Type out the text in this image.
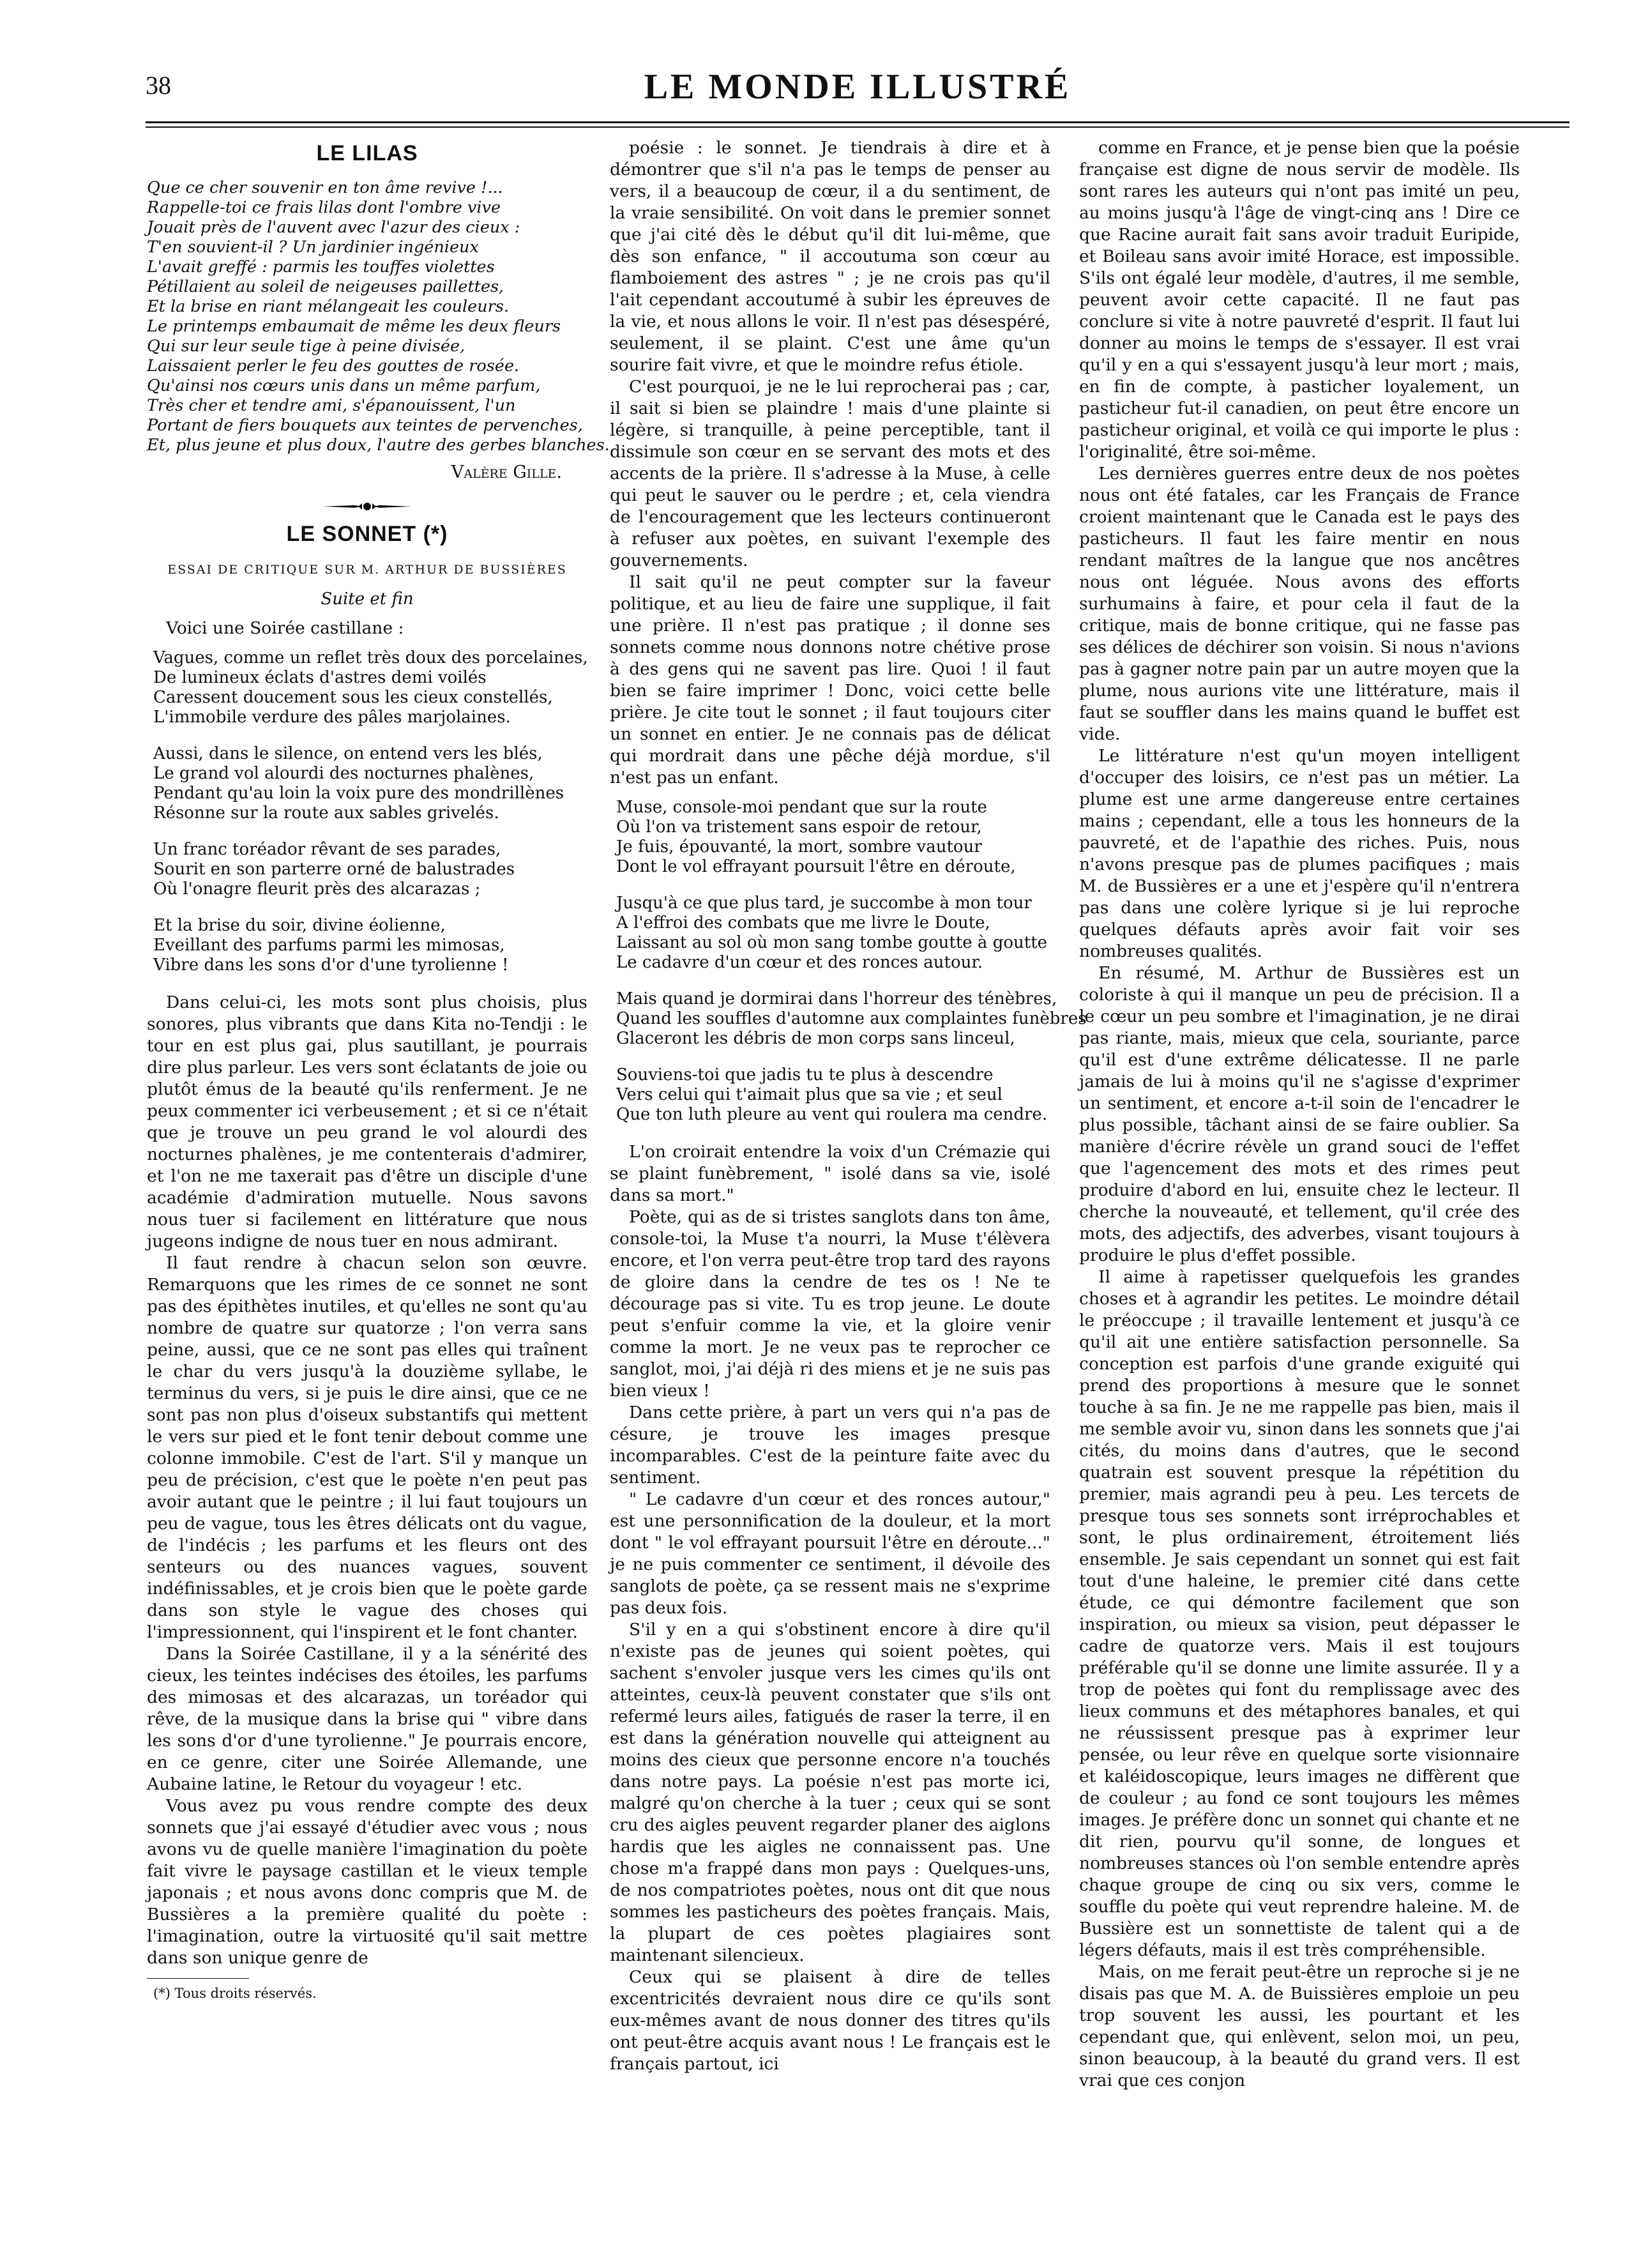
38	LE MONDE ILLUSTRÉ
LE LILAS
Que ce cher souvenir en ton âme revive !...
Rappelle-toi ce frais lilas dont l'ombre vive
Jouait près de l'auvent avec l'azur des cieux :
T'en souvient-il ? Un jardinier ingénieux
L'avait greffé : parmis les touffes violettes
Pétillaient au soleil de neigeuses paillettes,
Et la brise en riant mélangeait les couleurs.
Le printemps embaumait de même les deux fleurs
Qui sur leur seule tige à peine divisée,
Laissaient perler le feu des gouttes de rosée.
Qu'ainsi nos cœurs unis dans un même parfum,
Très cher et tendre ami, s'épanouissent, l'un
Portant de fiers bouquets aux teintes de pervenches,
Et, plus jeune et plus doux, l'autre des gerbes blanches.
Valère Gille.
LE SONNET (*)
ESSAI DE CRITIQUE SUR M. ARTHUR DE BUSSIÈRES
Suite et fin

Voici une Soirée castillane :

Vagues, comme un reflet très doux des porcelaines,
De lumineux éclats d'astres demi voilés
Caressent doucement sous les cieux constellés,
L'immobile verdure des pâles marjolaines.
Aussi, dans le silence, on entend vers les blés,
Le grand vol alourdi des nocturnes phalènes,
Pendant qu'au loin la voix pure des mondrillènes
Résonne sur la route aux sables grivelés.
Un franc toréador rêvant de ses parades,
Sourit en son parterre orné de balustrades
Où l'onagre fleurit près des alcarazas ;
Et la brise du soir, divine éolienne,
Eveillant des parfums parmi les mimosas,
Vibre dans les sons d'or d'une tyrolienne !

Dans celui-ci, les mots sont plus choisis, plus sonores, plus vibrants que dans Kita no-Tendji : le tour en est plus gai, plus sautillant, je pourrais dire plus parleur. Les vers sont éclatants de joie ou plutôt émus de la beauté qu'ils renferment. Je ne peux commenter ici verbeusement ; et si ce n'était que je trouve un peu grand le vol alourdi des nocturnes phalènes, je me contenterais d'admirer, et l'on ne me taxerait pas d'être un disciple d'une académie d'admiration mutuelle. Nous savons nous tuer si facilement en littérature que nous jugeons indigne de nous tuer en nous admirant.

Il faut rendre à chacun selon son œuvre. Remarquons que les rimes de ce sonnet ne sont pas des épithètes inutiles, et qu'elles ne sont qu'au nombre de quatre sur quatorze ; l'on verra sans peine, aussi, que ce ne sont pas elles qui traînent le char du vers jusqu'à la douzième syllabe, le terminus du vers, si je puis le dire ainsi, que ce ne sont pas non plus d'oiseux substantifs qui mettent le vers sur pied et le font tenir debout comme une colonne immobile. C'est de l'art. S'il y manque un peu de précision, c'est que le poète n'en peut pas avoir autant que le peintre ; il lui faut toujours un peu de vague, tous les êtres délicats ont du vague, de l'indécis ; les parfums et les fleurs ont des senteurs ou des nuances vagues, souvent indéfinissables, et je crois bien que le poète garde dans son style le vague des choses qui l'impressionnent, qui l'inspirent et le font chanter.

Dans la Soirée Castillane, il y a la sénérité des cieux, les teintes indécises des étoiles, les parfums des mimosas et des alcarazas, un toréador qui rêve, de la musique dans la brise qui " vibre dans les sons d'or d'une tyrolienne." Je pourrais encore, en ce genre, citer une Soirée Allemande, une Aubaine latine, le Retour du voyageur ! etc.

Vous avez pu vous rendre compte des deux sonnets que j'ai essayé d'étudier avec vous ; nous avons vu de quelle manière l'imagination du poète fait vivre le paysage castillan et le vieux temple japonais ; et nous avons donc compris que M. de Bussières a la première qualité du poète : l'imagination, outre la virtuosité qu'il sait mettre dans son unique genre de

(*) Tous droits réservés.

poésie : le sonnet. Je tiendrais à dire et à démontrer que s'il n'a pas le temps de penser au vers, il a beaucoup de cœur, il a du sentiment, de la vraie sensibilité. On voit dans le premier sonnet que j'ai cité dès le début qu'il dit lui-même, que dès son enfance, " il accoutuma son cœur au flamboiement des astres " ; je ne crois pas qu'il l'ait cependant accoutumé à subir les épreuves de la vie, et nous allons le voir. Il n'est pas désespéré, seulement, il se plaint. C'est une âme qu'un sourire fait vivre, et que le moindre refus étiole.

C'est pourquoi, je ne le lui reprocherai pas ; car, il sait si bien se plaindre ! mais d'une plainte si légère, si tranquille, à peine perceptible, tant il dissimule son cœur en se servant des mots et des accents de la prière. Il s'adresse à la Muse, à celle qui peut le sauver ou le perdre ; et, cela viendra de l'encouragement que les lecteurs continueront à refuser aux poètes, en suivant l'exemple des gouvernements.

Il sait qu'il ne peut compter sur la faveur politique, et au lieu de faire une supplique, il fait une prière. Il n'est pas pratique ; il donne ses sonnets comme nous donnons notre chétive prose à des gens qui ne savent pas lire. Quoi ! il faut bien se faire imprimer ! Donc, voici cette belle prière. Je cite tout le sonnet ; il faut toujours citer un sonnet en entier. Je ne connais pas de délicat qui mordrait dans une pêche déjà mordue, s'il n'est pas un enfant.

Muse, console-moi pendant que sur la route
Où l'on va tristement sans espoir de retour,
Je fuis, épouvanté, la mort, sombre vautour
Dont le vol effrayant poursuit l'être en déroute,
Jusqu'à ce que plus tard, je succombe à mon tour
A l'effroi des combats que me livre le Doute,
Laissant au sol où mon sang tombe goutte à goutte
Le cadavre d'un cœur et des ronces autour.
Mais quand je dormirai dans l'horreur des ténèbres,
Quand les souffles d'automne aux complaintes funèbres
Glaceront les débris de mon corps sans linceul,
Souviens-toi que jadis tu te plus à descendre
Vers celui qui t'aimait plus que sa vie ; et seul
Que ton luth pleure au vent qui roulera ma cendre.

L'on croirait entendre la voix d'un Crémazie qui se plaint funèbrement, " isolé dans sa vie, isolé dans sa mort."

Poète, qui as de si tristes sanglots dans ton âme, console-toi, la Muse t'a nourri, la Muse t'élèvera encore, et l'on verra peut-être trop tard des rayons de gloire dans la cendre de tes os ! Ne te décourage pas si vite. Tu es trop jeune. Le doute peut s'enfuir comme la vie, et la gloire venir comme la mort. Je ne veux pas te reprocher ce sanglot, moi, j'ai déjà ri des miens et je ne suis pas bien vieux !

Dans cette prière, à part un vers qui n'a pas de césure, je trouve les images presque incomparables. C'est de la peinture faite avec du sentiment.

" Le cadavre d'un cœur et des ronces autour," est une personnification de la douleur, et la mort dont " le vol effrayant poursuit l'être en déroute..." je ne puis commenter ce sentiment, il dévoile des sanglots de poète, ça se ressent mais ne s'exprime pas deux fois.

S'il y en a qui s'obstinent encore à dire qu'il n'existe pas de jeunes qui soient poètes, qui sachent s'envoler jusque vers les cimes qu'ils ont atteintes, ceux-là peuvent constater que s'ils ont refermé leurs ailes, fatigués de raser la terre, il en est dans la génération nouvelle qui atteignent au moins des cieux que personne encore n'a touchés dans notre pays. La poésie n'est pas morte ici, malgré qu'on cherche à la tuer ; ceux qui se sont cru des aigles peuvent regarder planer des aiglons hardis que les aigles ne connaissent pas. Une chose m'a frappé dans mon pays : Quelques-uns, de nos compatriotes poètes, nous ont dit que nous sommes les pasticheurs des poètes français. Mais, la plupart de ces poètes plagiaires sont maintenant silencieux.

Ceux qui se plaisent à dire de telles excentricités devraient nous dire ce qu'ils sont eux-mêmes avant de nous donner des titres qu'ils ont peut-être acquis avant nous ! Le français est le français partout, ici

comme en France, et je pense bien que la poésie française est digne de nous servir de modèle. Ils sont rares les auteurs qui n'ont pas imité un peu, au moins jusqu'à l'âge de vingt-cinq ans ! Dire ce que Racine aurait fait sans avoir traduit Euripide, et Boileau sans avoir imité Horace, est impossible. S'ils ont égalé leur modèle, d'autres, il me semble, peuvent avoir cette capacité. Il ne faut pas conclure si vite à notre pauvreté d'esprit. Il faut lui donner au moins le temps de s'essayer. Il est vrai qu'il y en a qui s'essayent jusqu'à leur mort ; mais, en fin de compte, à pasticher loyalement, un pasticheur fut-il canadien, on peut être encore un pasticheur original, et voilà ce qui importe le plus : l'originalité, être soi-même.

Les dernières guerres entre deux de nos poètes nous ont été fatales, car les Français de France croient maintenant que le Canada est le pays des pasticheurs. Il faut les faire mentir en nous rendant maîtres de la langue que nos ancêtres nous ont léguée. Nous avons des efforts surhumains à faire, et pour cela il faut de la critique, mais de bonne critique, qui ne fasse pas ses délices de déchirer son voisin. Si nous n'avions pas à gagner notre pain par un autre moyen que la plume, nous aurions vite une littérature, mais il faut se souffler dans les mains quand le buffet est vide.

Le littérature n'est qu'un moyen intelligent d'occuper des loisirs, ce n'est pas un métier. La plume est une arme dangereuse entre certaines mains ; cependant, elle a tous les honneurs de la pauvreté, et de l'apathie des riches. Puis, nous n'avons presque pas de plumes pacifiques ; mais M. de Bussières er a une et j'espère qu'il n'entrera pas dans une colère lyrique si je lui reproche quelques défauts après avoir fait voir ses nombreuses qualités.

En résumé, M. Arthur de Bussières est un coloriste à qui il manque un peu de précision. Il a le cœur un peu sombre et l'imagination, je ne dirai pas riante, mais, mieux que cela, souriante, parce qu'il est d'une extrême délicatesse. Il ne parle jamais de lui à moins qu'il ne s'agisse d'exprimer un sentiment, et encore a-t-il soin de l'encadrer le plus possible, tâchant ainsi de se faire oublier. Sa manière d'écrire révèle un grand souci de l'effet que l'agencement des mots et des rimes peut produire d'abord en lui, ensuite chez le lecteur. Il cherche la nouveauté, et tellement, qu'il crée des mots, des adjectifs, des adverbes, visant toujours à produire le plus d'effet possible.

Il aime à rapetisser quelquefois les grandes choses et à agrandir les petites. Le moindre détail le préoccupe ; il travaille lentement et jusqu'à ce qu'il ait une entière satisfaction personnelle. Sa conception est parfois d'une grande exiguité qui prend des proportions à mesure que le sonnet touche à sa fin. Je ne me rappelle pas bien, mais il me semble avoir vu, sinon dans les sonnets que j'ai cités, du moins dans d'autres, que le second quatrain est souvent presque la répétition du premier, mais agrandi peu à peu. Les tercets de presque tous ses sonnets sont irréprochables et sont, le plus ordinairement, étroitement liés ensemble. Je sais cependant un sonnet qui est fait tout d'une haleine, le premier cité dans cette étude, ce qui démontre facilement que son inspiration, ou mieux sa vision, peut dépasser le cadre de quatorze vers. Mais il est toujours préférable qu'il se donne une limite assurée. Il y a trop de poètes qui font du remplissage avec des lieux communs et des métaphores banales, et qui ne réussissent presque pas à exprimer leur pensée, ou leur rêve en quelque sorte visionnaire et kaléidoscopique, leurs images ne diffèrent que de couleur ; au fond ce sont toujours les mêmes images. Je préfère donc un sonnet qui chante et ne dit rien, pourvu qu'il sonne, de longues et nombreuses stances où l'on semble entendre après chaque groupe de cinq ou six vers, comme le souffle du poète qui veut reprendre haleine. M. de Bussière est un sonnettiste de talent qui a de légers défauts, mais il est très compréhensible.

Mais, on me ferait peut-être un reproche si je ne disais pas que M. A. de Buissières emploie un peu trop souvent les aussi, les pourtant et les cependant que, qui enlèvent, selon moi, un peu, sinon beaucoup, à la beauté du grand vers. Il est vrai que ces conjon
